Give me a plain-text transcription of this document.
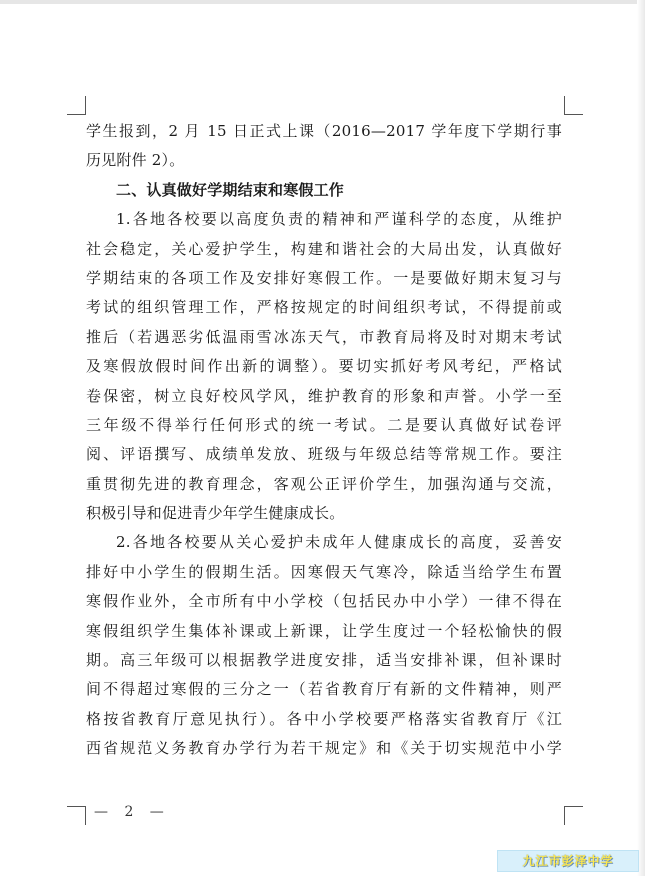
学生报到，2 月 15 日正式上课（2016—2017 学年度下学期行事
历见附件 2）。
二、认真做好学期结束和寒假工作
1.各地各校要以高度负责的精神和严谨科学的态度，从维护
社会稳定，关心爱护学生，构建和谐社会的大局出发，认真做好
学期结束的各项工作及安排好寒假工作。一是要做好期末复习与
考试的组织管理工作，严格按规定的时间组织考试，不得提前或
推后（若遇恶劣低温雨雪冰冻天气，市教育局将及时对期末考试
及寒假放假时间作出新的调整）。要切实抓好考风考纪，严格试
卷保密，树立良好校风学风，维护教育的形象和声誉。小学一至
三年级不得举行任何形式的统一考试。二是要认真做好试卷评
阅、评语撰写、成绩单发放、班级与年级总结等常规工作。要注
重贯彻先进的教育理念，客观公正评价学生，加强沟通与交流，
积极引导和促进青少年学生健康成长。
2.各地各校要从关心爱护未成年人健康成长的高度，妥善安
排好中小学生的假期生活。因寒假天气寒冷，除适当给学生布置
寒假作业外，全市所有中小学校（包括民办中小学）一律不得在
寒假组织学生集体补课或上新课，让学生度过一个轻松愉快的假
期。高三年级可以根据教学进度安排，适当安排补课，但补课时
间不得超过寒假的三分之一（若省教育厅有新的文件精神，则严
格按省教育厅意见执行）。各中小学校要严格落实省教育厅《江
西省规范义务教育办学行为若干规定》和《关于切实规范中小学
— 2 —
九江市彭泽中学
